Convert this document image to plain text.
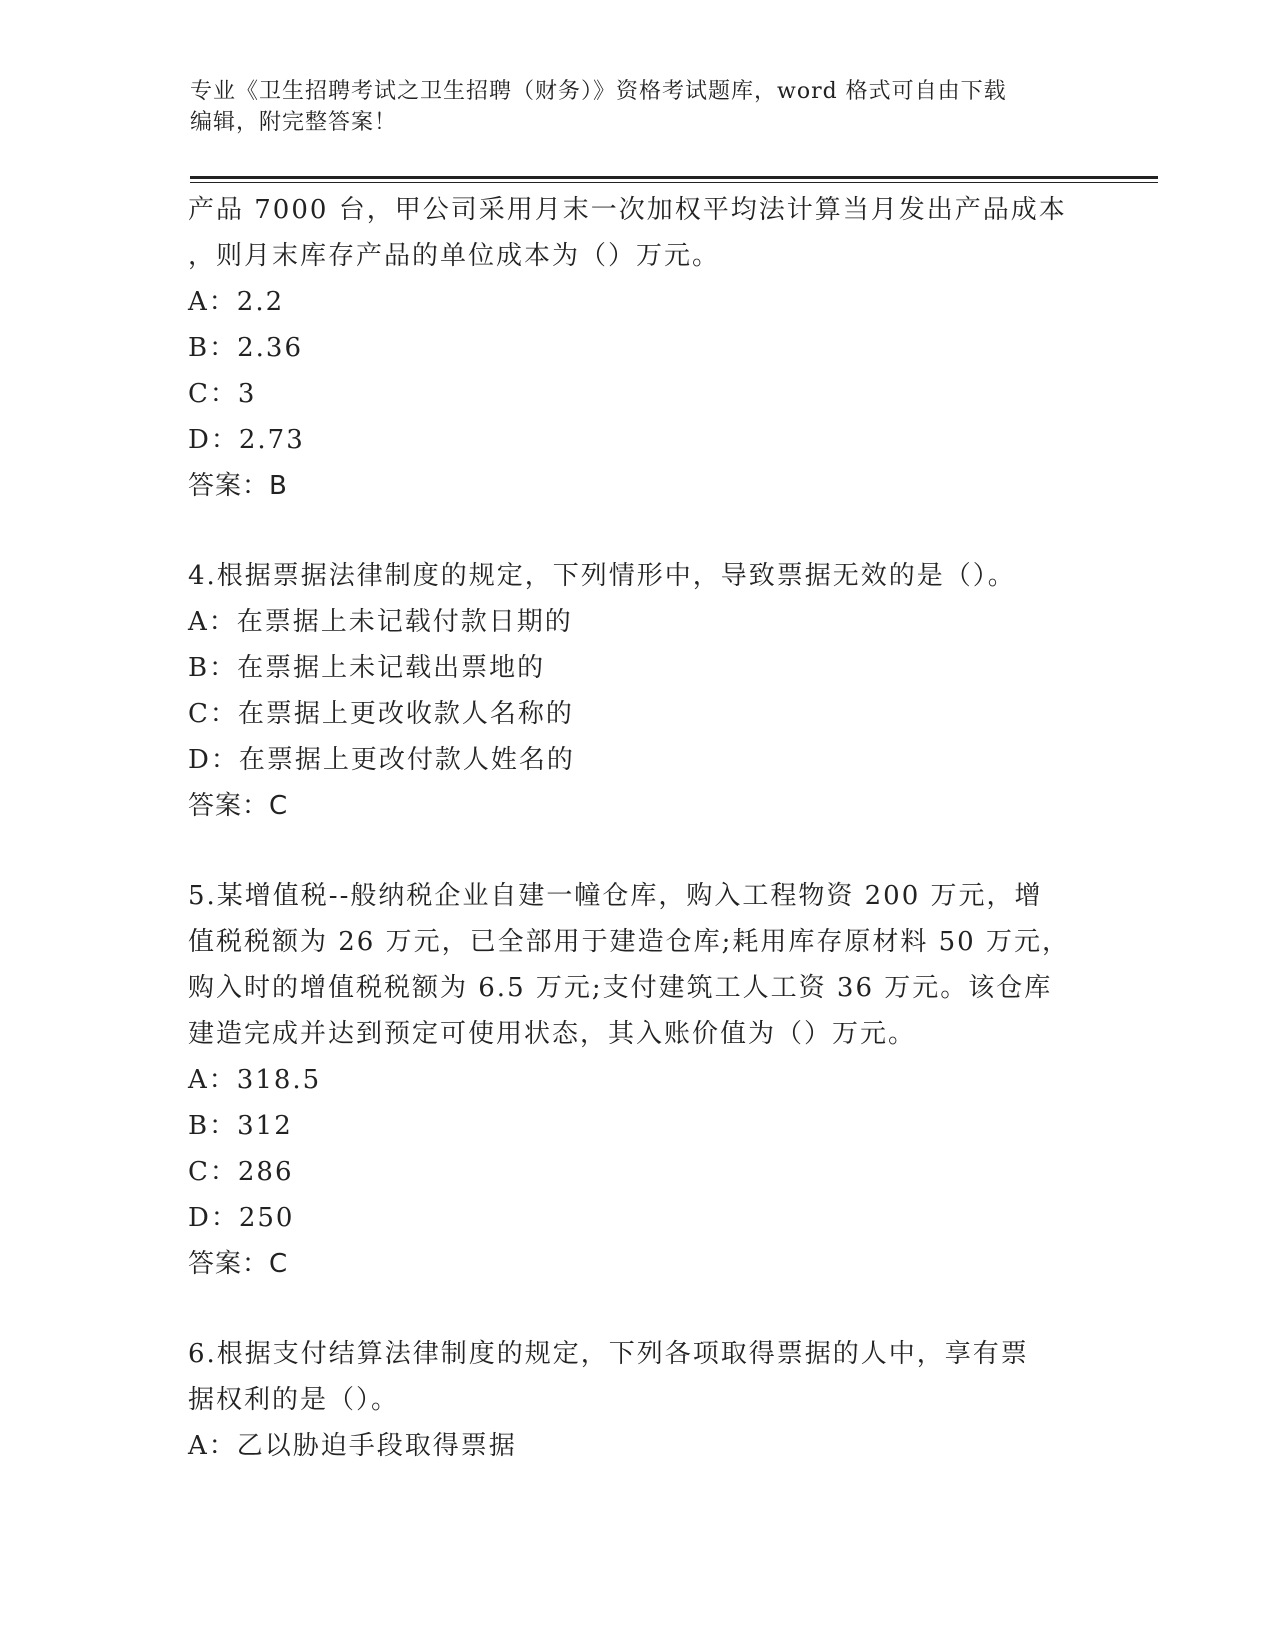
专业《卫生招聘考试之卫生招聘（财务）》资格考试题库，word 格式可自由下载

编辑，附完整答案！

产品 7000 台，甲公司采用月末一次加权平均法计算当月发出产品成本
，则月末库存产品的单位成本为（）万元。
A：2.2
B：2.36
C：3
D：2.73
答案：B
4.根据票据法律制度的规定，下列情形中，导致票据无效的是（）。
A：在票据上未记载付款日期的
B：在票据上未记载出票地的
C：在票据上更改收款人名称的
D：在票据上更改付款人姓名的
答案：C
5.某增值税--般纳税企业自建一幢仓库，购入工程物资 200 万元，增
值税税额为 26 万元，已全部用于建造仓库;耗用库存原材料 50 万元，
购入时的增值税税额为 6.5 万元;支付建筑工人工资 36 万元。该仓库
建造完成并达到预定可使用状态，其入账价值为（）万元。
A：318.5
B：312
C：286
D：250
答案：C
6.根据支付结算法律制度的规定，下列各项取得票据的人中，享有票
据权利的是（）。
A：乙以胁迫手段取得票据
